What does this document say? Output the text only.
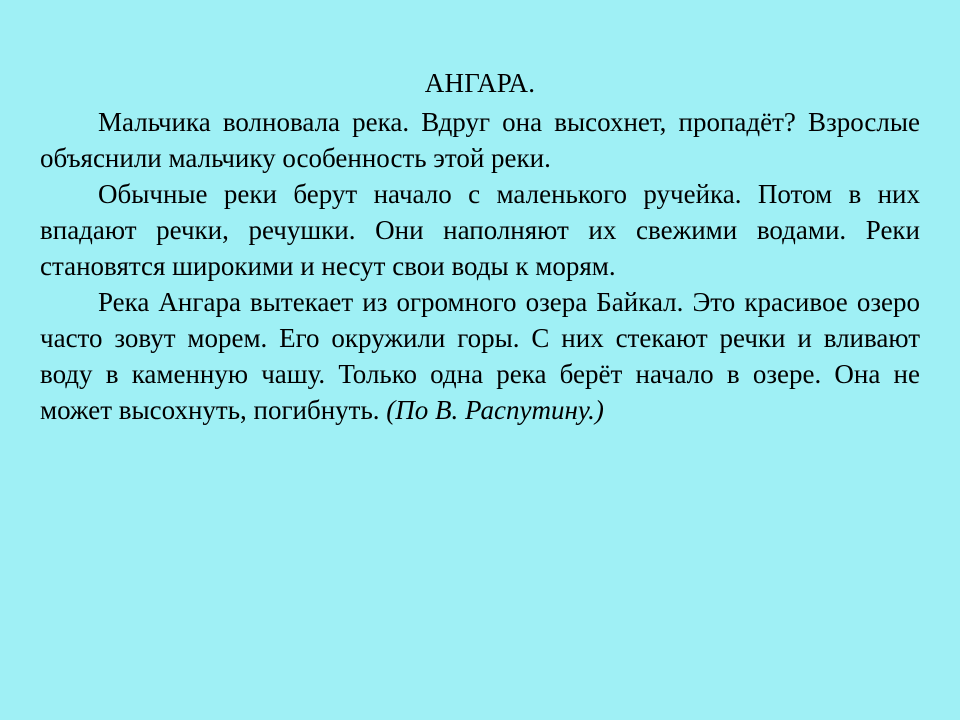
АНГАРА.

Мальчика волновала река. Вдруг она высохнет, пропадёт? Взрослые объяснили мальчику особенность этой реки.

Обычные реки берут начало с маленького ручейка. Потом в них впадают речки, речушки. Они наполняют их свежими водами. Реки становятся широкими и несут свои воды к морям.

Река Ангара вытекает из огромного озера Байкал. Это красивое озеро часто зовут морем. Его окружили горы. С них стекают речки и вливают воду в каменную чашу. Только одна река берёт начало в озере. Она не может высохнуть, погибнуть. (По В. Распутину.)
